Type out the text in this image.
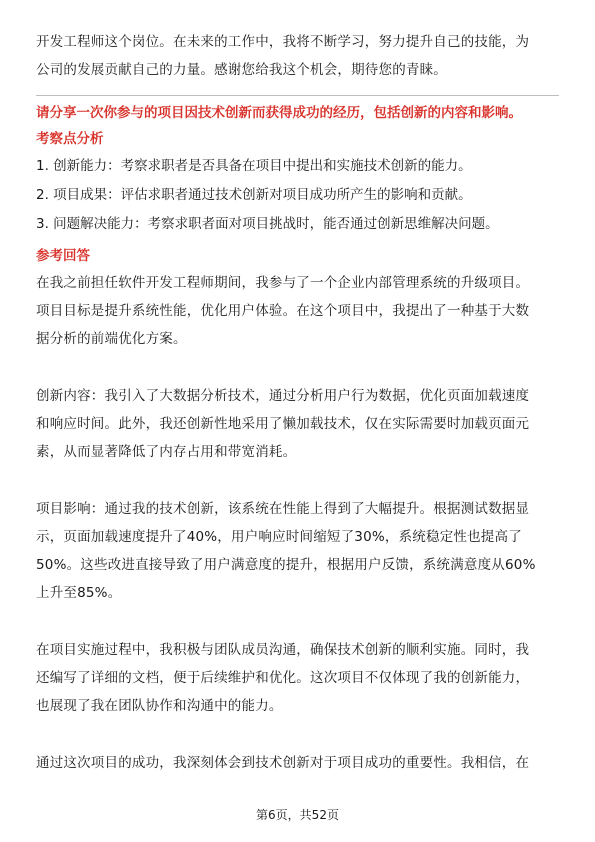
开发工程师这个岗位。在未来的工作中，我将不断学习，努力提升自己的技能，为

公司的发展贡献自己的力量。感谢您给我这个机会，期待您的青睐。

请分享一次你参与的项目因技术创新而获得成功的经历，包括创新的内容和影响。

考察点分析

1. 创新能力：考察求职者是否具备在项目中提出和实施技术创新的能力。
2. 项目成果：评估求职者通过技术创新对项目成功所产生的影响和贡献。
3. 问题解决能力：考察求职者面对项目挑战时，能否通过创新思维解决问题。

参考回答

在我之前担任软件开发工程师期间，我参与了一个企业内部管理系统的升级项目。

项目目标是提升系统性能，优化用户体验。在这个项目中，我提出了一种基于大数

据分析的前端优化方案。

创新内容：我引入了大数据分析技术，通过分析用户行为数据，优化页面加载速度

和响应时间。此外，我还创新性地采用了懒加载技术，仅在实际需要时加载页面元

素，从而显著降低了内存占用和带宽消耗。

项目影响：通过我的技术创新，该系统在性能上得到了大幅提升。根据测试数据显

示，页面加载速度提升了40%，用户响应时间缩短了30%，系统稳定性也提高了

50%。这些改进直接导致了用户满意度的提升，根据用户反馈，系统满意度从60%

上升至85%。

在项目实施过程中，我积极与团队成员沟通，确保技术创新的顺利实施。同时，我

还编写了详细的文档，便于后续维护和优化。这次项目不仅体现了我的创新能力，

也展现了我在团队协作和沟通中的能力。

通过这次项目的成功，我深刻体会到技术创新对于项目成功的重要性。我相信，在

第6页，共52页
